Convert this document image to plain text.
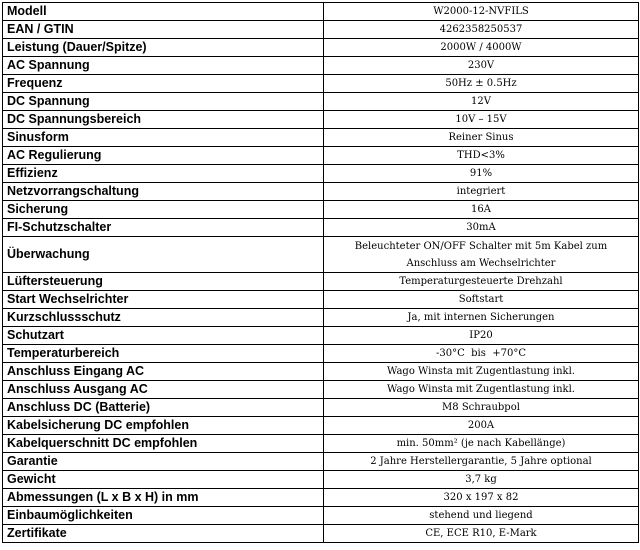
Modell	W2000-12-NVFILS
EAN / GTIN	4262358250537
Leistung (Dauer/Spitze)	2000W / 4000W
AC Spannung	230V
Frequenz	50Hz ± 0.5Hz
DC Spannung	12V
DC Spannungsbereich	10V – 15V
Sinusform	Reiner Sinus
AC Regulierung	THD<3%
Effizienz	91%
Netzvorrangschaltung	integriert
Sicherung	16A
FI-Schutzschalter	30mA
Überwachung	Beleuchteter ON/OFF Schalter mit 5m Kabel zum
Anschluss am Wechselrichter

Lüftersteuerung	Temperaturgesteuerte Drehzahl
Start Wechselrichter	Softstart
Kurzschlussschutz	Ja, mit internen Sicherungen
Schutzart	IP20
Temperaturbereich	-30°C  bis  +70°C
Anschluss Eingang AC	Wago Winsta mit Zugentlastung inkl.
Anschluss Ausgang AC	Wago Winsta mit Zugentlastung inkl.
Anschluss DC (Batterie)	M8 Schraubpol
Kabelsicherung DC empfohlen	200A
Kabelquerschnitt DC empfohlen	min. 50mm² (je nach Kabellänge)
Garantie	2 Jahre Herstellergarantie, 5 Jahre optional
Gewicht	3,7 kg
Abmessungen (L x B x H) in mm	320 x 197 x 82
Einbaumöglichkeiten	stehend und liegend
Zertifikate	CE, ECE R10, E-Mark
